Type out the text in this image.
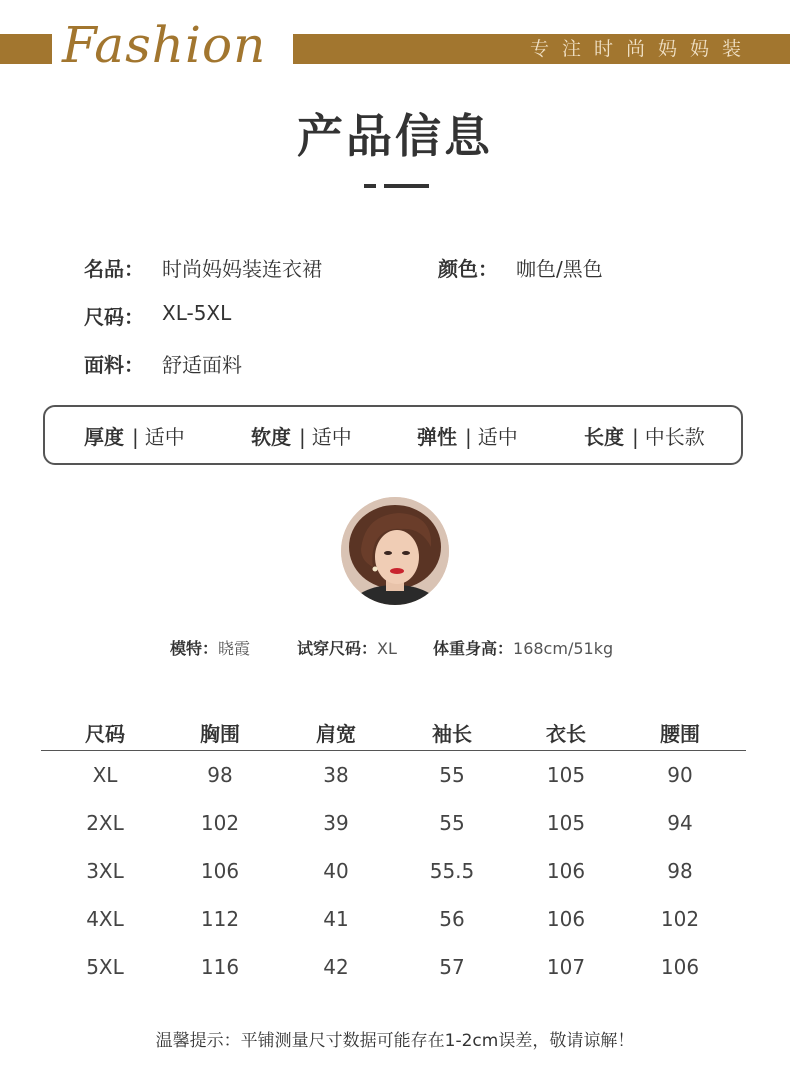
Fashion	专注时尚妈妈装
产品信息
名品： 时尚妈妈装连衣裙	颜色： 咖色/黑色
尺码： XL-5XL
面料： 舒适面料
厚度 | 适中	软度 | 适中	弹性 | 适中	长度 | 中长款
模特：晓霞	试穿尺码：XL 体重身高：168cm/51kg
尺码	胸围	肩宽	袖长	衣长	腰围
XL	98	38	55	105	90
2XL	102	39	55	105	94
3XL	106	40	55.5	106	98
4XL	112	41	56	106	102
5XL	116	42	57	107	106
温馨提示：平铺测量尺寸数据可能存在1-2cm误差，敬请谅解！
